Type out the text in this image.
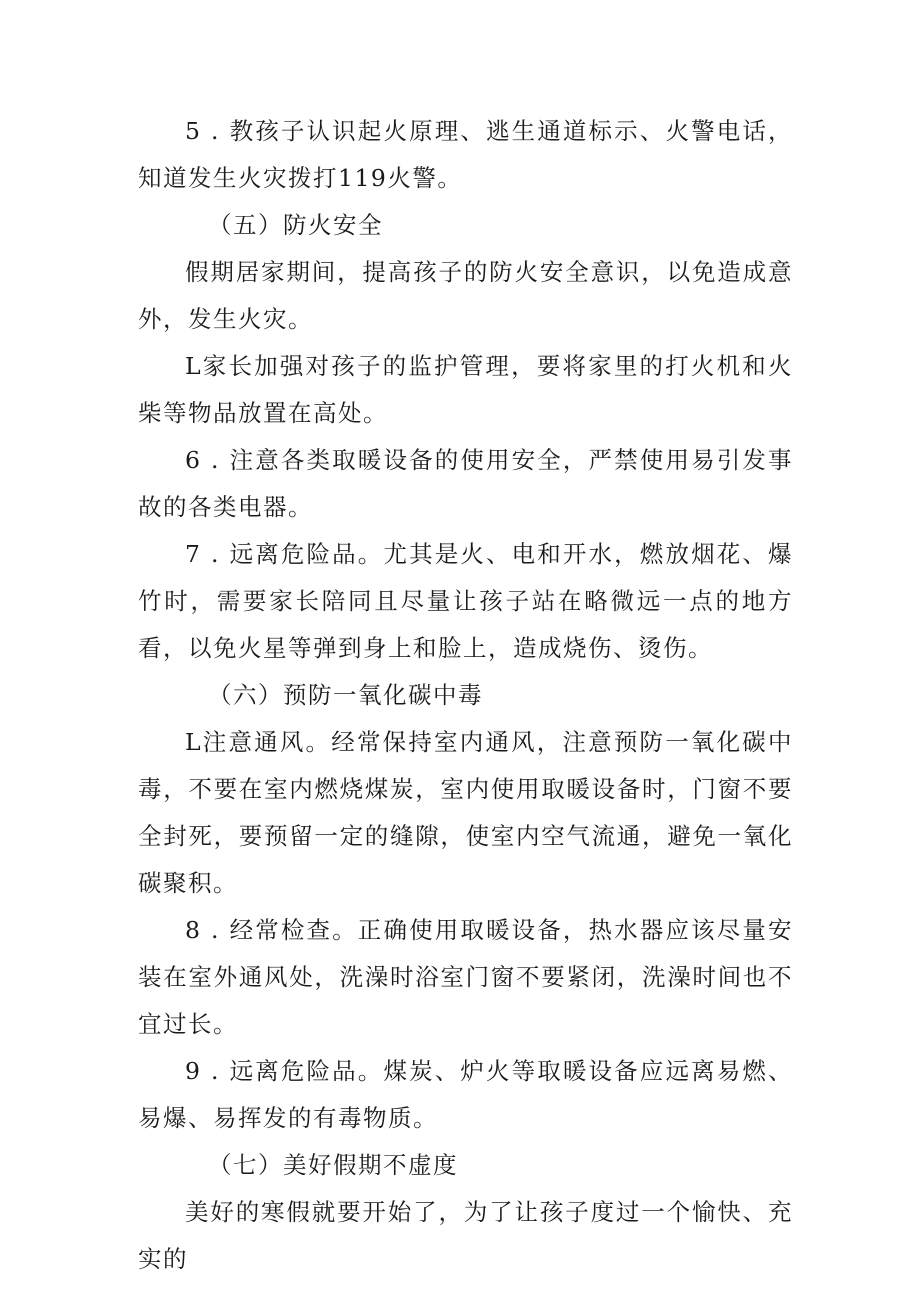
5 . 教孩子认识起火原理、逃生通道标示、火警电话，知道发生火灾拨打119火警。

（五）防火安全

假期居家期间，提高孩子的防火安全意识，以免造成意外，发生火灾。

L家长加强对孩子的监护管理，要将家里的打火机和火柴等物品放置在高处。

6 . 注意各类取暖设备的使用安全，严禁使用易引发事故的各类电器。

7 . 远离危险品。尤其是火、电和开水，燃放烟花、爆竹时，需要家长陪同且尽量让孩子站在略微远一点的地方看，以免火星等弹到身上和脸上，造成烧伤、烫伤。

（六）预防一氧化碳中毒

L注意通风。经常保持室内通风，注意预防一氧化碳中毒，不要在室内燃烧煤炭，室内使用取暖设备时，门窗不要全封死，要预留一定的缝隙，使室内空气流通，避免一氧化碳聚积。

8 . 经常检查。正确使用取暖设备，热水器应该尽量安装在室外通风处，洗澡时浴室门窗不要紧闭，洗澡时间也不宜过长。

9 . 远离危险品。煤炭、炉火等取暖设备应远离易燃、易爆、易挥发的有毒物质。

（七）美好假期不虚度

美好的寒假就要开始了，为了让孩子度过一个愉快、充实的
